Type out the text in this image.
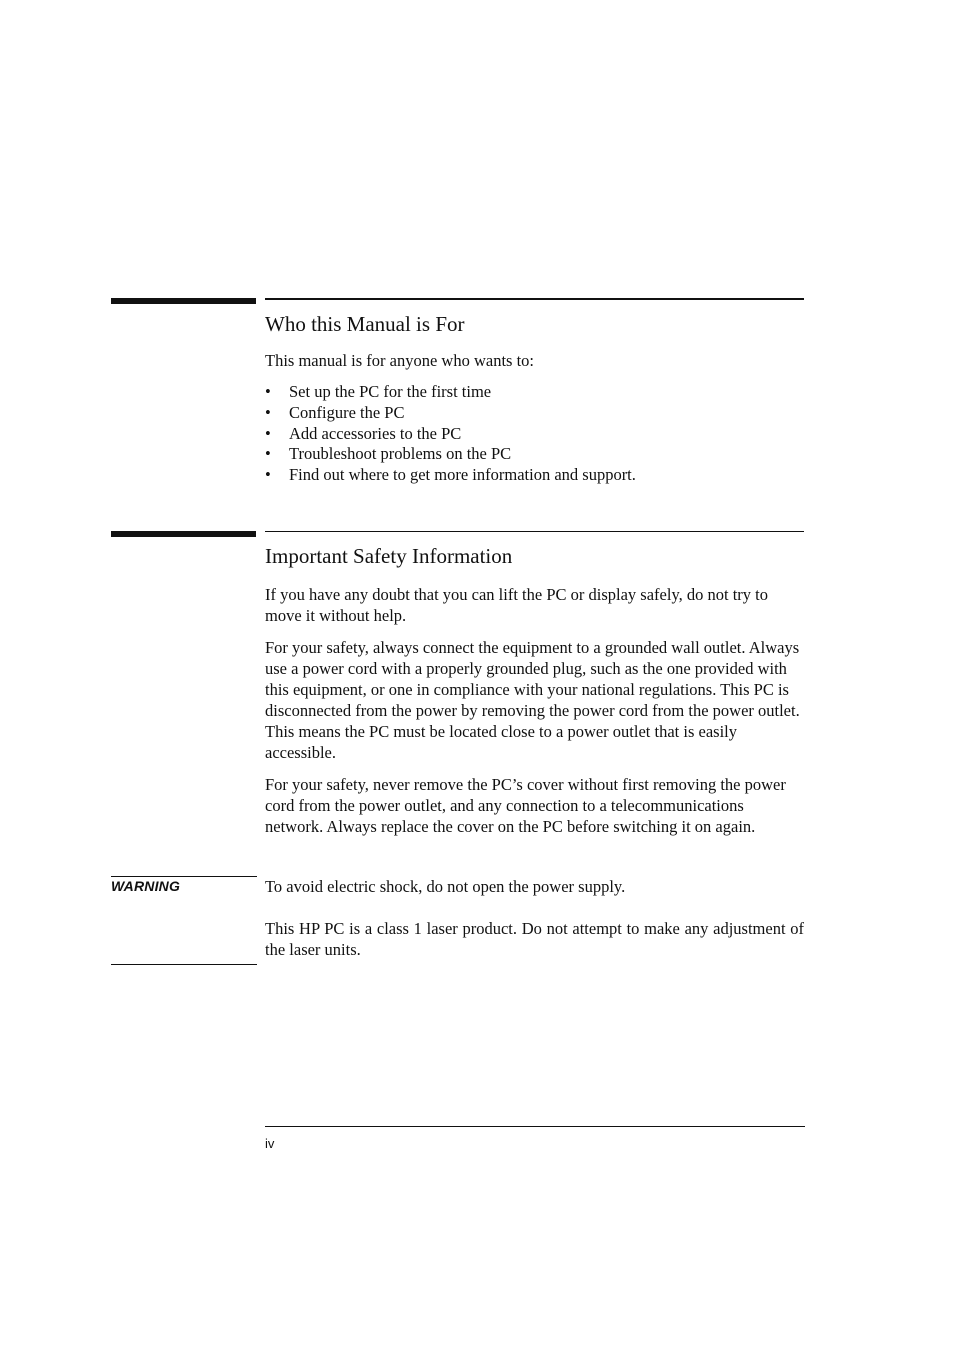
Who this Manual is For

This manual is for anyone who wants to:

• Set up the PC for the first time
• Configure the PC
• Add accessories to the PC
• Troubleshoot problems on the PC
• Find out where to get more information and support.
Important Safety Information

If you have any doubt that you can lift the PC or display safely, do not try to move it without help.

For your safety, always connect the equipment to a grounded wall outlet. Always use a power cord with a properly grounded plug, such as the one provided with this equipment, or one in compliance with your national regulations. This PC is disconnected from the power by removing the power cord from the power outlet. This means the PC must be located close to a power outlet that is easily accessible.

For your safety, never remove the PC’s cover without first removing the power cord from the power outlet, and any connection to a telecommunications network. Always replace the cover on the PC before switching it on again.

WARNING	To avoid electric shock, do not open the power supply.
This HP PC is a class 1 laser product. Do not attempt to make any adjustment of the laser units.
iv
